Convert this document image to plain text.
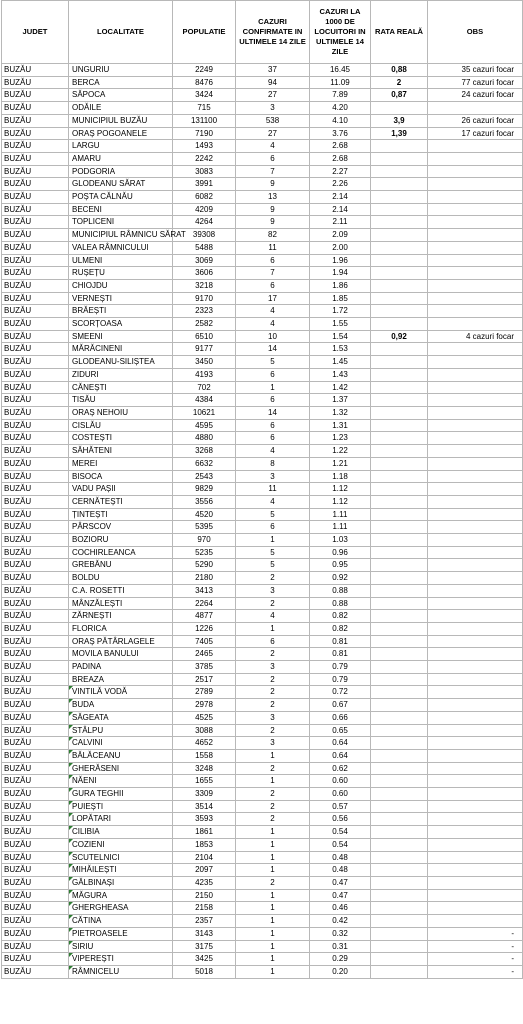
JUDET	LOCALITATE	POPULATIE	CAZURI CONFIRMATE IN ULTIMELE 14 ZILE	CAZURI LA 1000 DE LOCUITORI IN ULTIMELE 14 ZILE	RATA REALĂ	OBS
BUZĂU	UNGURIU	2249	37	16.45	0,88	35 cazuri focar
BUZĂU	BERCA	8476	94	11.09	2	77 cazuri focar
BUZĂU	SĂPOCA	3424	27	7.89	0,87	24 cazuri focar
BUZĂU	ODĂILE	715	3	4.20		
BUZĂU	MUNICIPIUL BUZĂU	131100	538	4.10	3,9	26 cazuri focar
BUZĂU	ORAȘ POGOANELE	7190	27	3.76	1,39	17 cazuri focar
BUZĂU	LARGU	1493	4	2.68		
BUZĂU	AMARU	2242	6	2.68		
BUZĂU	PODGORIA	3083	7	2.27		
BUZĂU	GLODEANU SĂRAT	3991	9	2.26		
BUZĂU	POȘTA CĂLNĂU	6082	13	2.14		
BUZĂU	BECENI	4209	9	2.14		
BUZĂU	TOPLICENI	4264	9	2.11		
BUZĂU	MUNICIPIUL RÂMNICU SĂRAT	39308	82	2.09		
BUZĂU	VALEA RÂMNICULUI	5488	11	2.00		
BUZĂU	ULMENI	3069	6	1.96		
BUZĂU	RUȘEȚU	3606	7	1.94		
BUZĂU	CHIOJDU	3218	6	1.86		
BUZĂU	VERNEȘTI	9170	17	1.85		
BUZĂU	BRĂEȘTI	2323	4	1.72		
BUZĂU	SCORȚOASA	2582	4	1.55		
BUZĂU	SMEENI	6510	10	1.54	0,92	4 cazuri focar
BUZĂU	MĂRĂCINENI	9177	14	1.53		
BUZĂU	GLODEANU-SILIȘTEA	3450	5	1.45		
BUZĂU	ZIDURI	4193	6	1.43		
BUZĂU	CĂNEȘTI	702	1	1.42		
BUZĂU	TISĂU	4384	6	1.37		
BUZĂU	ORAȘ NEHOIU	10621	14	1.32		
BUZĂU	CISLĂU	4595	6	1.31		
BUZĂU	COSTEȘTI	4880	6	1.23		
BUZĂU	SĂHĂTENI	3268	4	1.22		
BUZĂU	MEREI	6632	8	1.21		
BUZĂU	BISOCA	2543	3	1.18		
BUZĂU	VADU PAȘII	9829	11	1.12		
BUZĂU	CERNĂTEȘTI	3556	4	1.12		
BUZĂU	ȚINTEȘTI	4520	5	1.11		
BUZĂU	PÂRSCOV	5395	6	1.11		
BUZĂU	BOZIORU	970	1	1.03		
BUZĂU	COCHIRLEANCA	5235	5	0.96		
BUZĂU	GREBĂNU	5290	5	0.95		
BUZĂU	BOLDU	2180	2	0.92		
BUZĂU	C.A. ROSETTI	3413	3	0.88		
BUZĂU	MÂNZĂLEȘTI	2264	2	0.88		
BUZĂU	ZĂRNEȘTI	4877	4	0.82		
BUZĂU	FLORICA	1226	1	0.82		
BUZĂU	ORAȘ PĂTÂRLAGELE	7405	6	0.81		
BUZĂU	MOVILA BANULUI	2465	2	0.81		
BUZĂU	PADINA	3785	3	0.79		
BUZĂU	BREAZA	2517	2	0.79		
BUZĂU	VINTILĂ VODĂ	2789	2	0.72		
BUZĂU	BUDA	2978	2	0.67		
BUZĂU	SĂGEATA	4525	3	0.66		
BUZĂU	STÂLPU	3088	2	0.65		
BUZĂU	CALVINI	4652	3	0.64		
BUZĂU	BĂLĂCEANU	1558	1	0.64		
BUZĂU	GHERĂSENI	3248	2	0.62		
BUZĂU	NĂENI	1655	1	0.60		
BUZĂU	GURA TEGHII	3309	2	0.60		
BUZĂU	PUIEȘTI	3514	2	0.57		
BUZĂU	LOPĂTARI	3593	2	0.56		
BUZĂU	CILIBIA	1861	1	0.54		
BUZĂU	COZIENI	1853	1	0.54		
BUZĂU	SCUTELNICI	2104	1	0.48		
BUZĂU	MIHĂILEȘTI	2097	1	0.48		
BUZĂU	GĂLBINAȘI	4235	2	0.47		
BUZĂU	MĂGURA	2150	1	0.47		
BUZĂU	GHERGHEASA	2158	1	0.46		
BUZĂU	CĂTINA	2357	1	0.42		
BUZĂU	PIETROASELE	3143	1	0.32		-
BUZĂU	SIRIU	3175	1	0.31		-
BUZĂU	VIPEREȘTI	3425	1	0.29		-
BUZĂU	RÂMNICELU	5018	1	0.20		-
